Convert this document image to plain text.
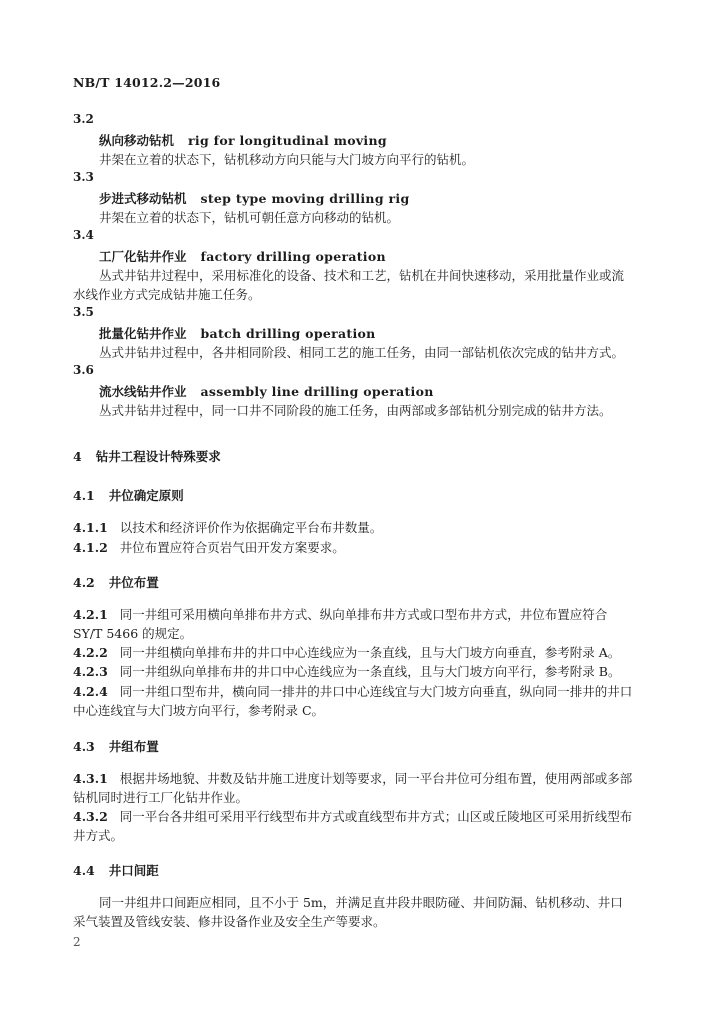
NB/T 14012.2—2016
3.2
纵向移动钻机 rig for longitudinal moving
井架在立着的状态下，钻机移动方向只能与大门坡方向平行的钻机。
3.3
步进式移动钻机 step type moving drilling rig
井架在立着的状态下，钻机可朝任意方向移动的钻机。
3.4
工厂化钻井作业 factory drilling operation
丛式井钻井过程中，采用标准化的设备、技术和工艺，钻机在井间快速移动，采用批量作业或流
水线作业方式完成钻井施工任务。
3.5
批量化钻井作业 batch drilling operation
丛式井钻井过程中，各井相同阶段、相同工艺的施工任务，由同一部钻机依次完成的钻井方式。
3.6
流水线钻井作业 assembly line drilling operation
丛式井钻井过程中，同一口井不同阶段的施工任务，由两部或多部钻机分别完成的钻井方法。
4 钻井工程设计特殊要求
4.1 井位确定原则
4.1.1 以技术和经济评价作为依据确定平台布井数量。
4.1.2 井位布置应符合页岩气田开发方案要求。
4.2 井位布置
4.2.1 同一井组可采用横向单排布井方式、纵向单排布井方式或口型布井方式，井位布置应符合
SY/T 5466 的规定。
4.2.2 同一井组横向单排布井的井口中心连线应为一条直线，且与大门坡方向垂直，参考附录 A。
4.2.3 同一井组纵向单排布井的井口中心连线应为一条直线，且与大门坡方向平行，参考附录 B。
4.2.4 同一井组口型布井，横向同一排井的井口中心连线宜与大门坡方向垂直，纵向同一排井的井口
中心连线宜与大门坡方向平行，参考附录 C。
4.3 井组布置
4.3.1 根据井场地貌、井数及钻井施工进度计划等要求，同一平台井位可分组布置，使用两部或多部
钻机同时进行工厂化钻井作业。
4.3.2 同一平台各井组可采用平行线型布井方式或直线型布井方式；山区或丘陵地区可采用折线型布
井方式。
4.4 井口间距
同一井组井口间距应相同，且不小于 5m，并满足直井段井眼防碰、井间防漏、钻机移动、井口
采气装置及管线安装、修井设备作业及安全生产等要求。
2
